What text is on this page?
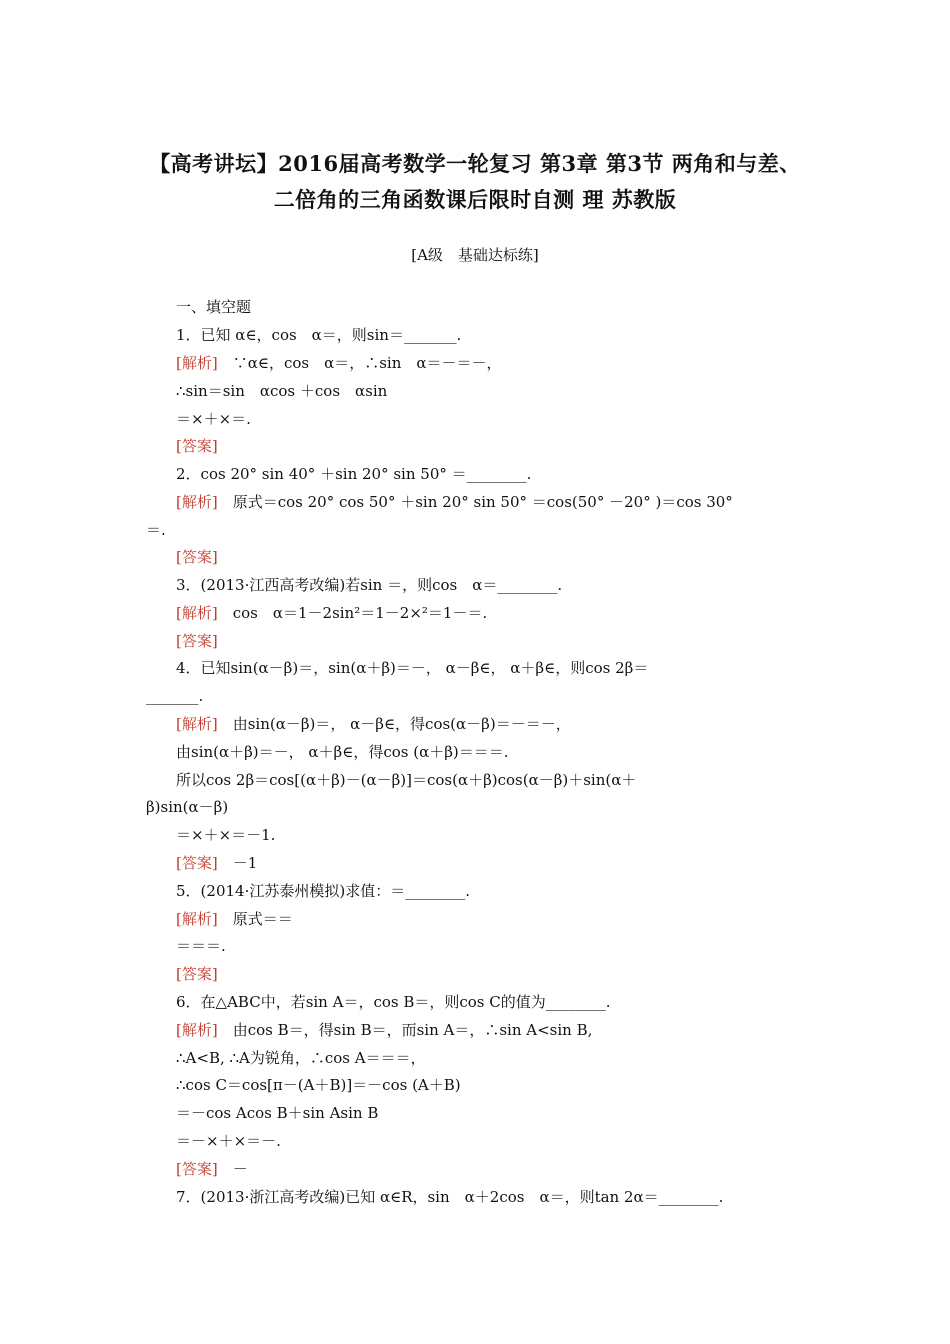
【高考讲坛】2016届高考数学一轮复习 第3章 第3节 两角和与差、
二倍角的三角函数课后限时自测 理 苏教版
[A级　基础达标练]
一、填空题
1．已知 α∈，cos　α＝，则sin＝_______.
[解析]　∵α∈，cos　α＝，∴sin　α＝－＝－，
∴sin＝sin　αcos ＋cos　αsin
＝×＋×＝.
[答案]
2．cos 20° sin 40° ＋sin 20° sin 50° ＝________.
[解析]　原式＝cos 20° cos 50° ＋sin 20° sin 50° ＝cos(50° －20° )＝cos 30°
＝.
[答案]
3．(2013·江西高考改编)若sin ＝，则cos　α＝________.
[解析]　cos　α＝1－2sin²＝1－2×²＝1－＝.
[答案]
4．已知sin(α－β)＝，sin(α＋β)＝－， α－β∈， α＋β∈，则cos 2β＝
_______.
[解析]　由sin(α－β)＝， α－β∈，得cos(α－β)＝－＝－，
由sin(α＋β)＝－， α＋β∈，得cos (α＋β)＝＝＝.
所以cos 2β＝cos[(α＋β)－(α－β)]＝cos(α＋β)cos(α－β)＋sin(α＋
β)sin(α－β)
＝×＋×＝－1.
[答案]　－1
5．(2014·江苏泰州模拟)求值：＝________.
[解析]　原式＝＝
＝＝＝.
[答案]
6．在△ABC中，若sin A＝，cos B＝，则cos C的值为________.
[解析]　由cos B＝，得sin B＝，而sin A＝，∴sin A<sin B,
∴A<B, ∴A为锐角，∴cos A＝＝＝，
∴cos C＝cos[π－(A＋B)]＝－cos (A＋B)
＝－cos Acos B＋sin Asin B
＝－×＋×＝－.
[答案]　－
7．(2013·浙江高考改编)已知 α∈R，sin　α＋2cos　α＝，则tan 2α＝________.
